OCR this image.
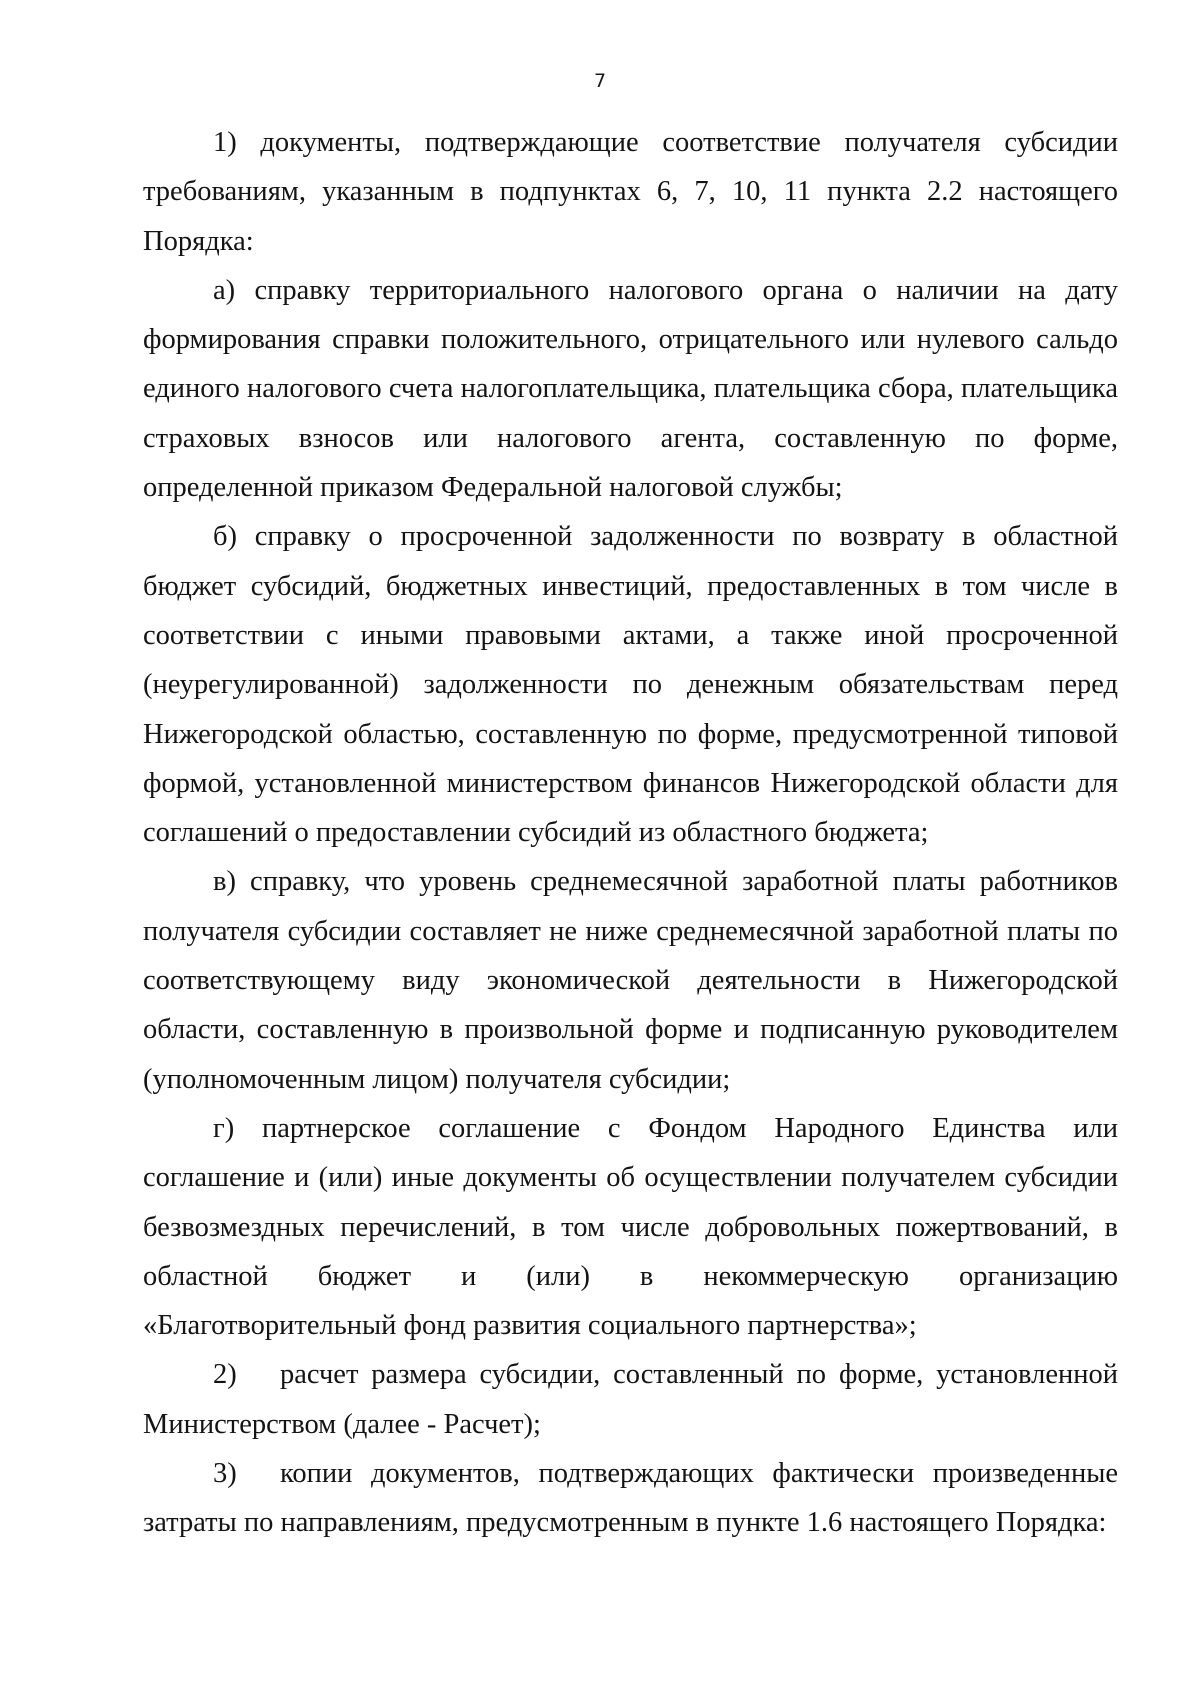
7

1) документы, подтверждающие соответствие получателя субсидии требованиям, указанным в подпунктах 6, 7, 10, 11 пункта 2.2 настоящего Порядка:

а) справку территориального налогового органа о наличии на дату формирования справки положительного, отрицательного или нулевого сальдо единого налогового счета налогоплательщика, плательщика сбора, плательщика страховых взносов или налогового агента, составленную по форме, определенной приказом Федеральной налоговой службы;

б) справку о просроченной задолженности по возврату в областной бюджет субсидий, бюджетных инвестиций, предоставленных в том числе в соответствии с иными правовыми актами, а также иной просроченной (неурегулированной) задолженности по денежным обязательствам перед Нижегородской областью, составленную по форме, предусмотренной типовой формой, установленной министерством финансов Нижегородской области для соглашений о предоставлении субсидий из областного бюджета;

в) справку, что уровень среднемесячной заработной платы работников получателя субсидии составляет не ниже среднемесячной заработной платы по соответствующему виду экономической деятельности в Нижегородской области, составленную в произвольной форме и подписанную руководителем (уполномоченным лицом) получателя субсидии;

г) партнерское соглашение с Фондом Народного Единства или соглашение и (или) иные документы об осуществлении получателем субсидии безвозмездных перечислений, в том числе добровольных пожертвований, в областной бюджет и (или) в некоммерческую организацию «Благотворительный фонд развития социального партнерства»;

2)	расчет размера субсидии, составленный по форме, установленной

Министерством (далее - Расчет);

3)	копии документов, подтверждающих фактически произведенные

затраты по направлениям, предусмотренным в пункте 1.6 настоящего Порядка:
